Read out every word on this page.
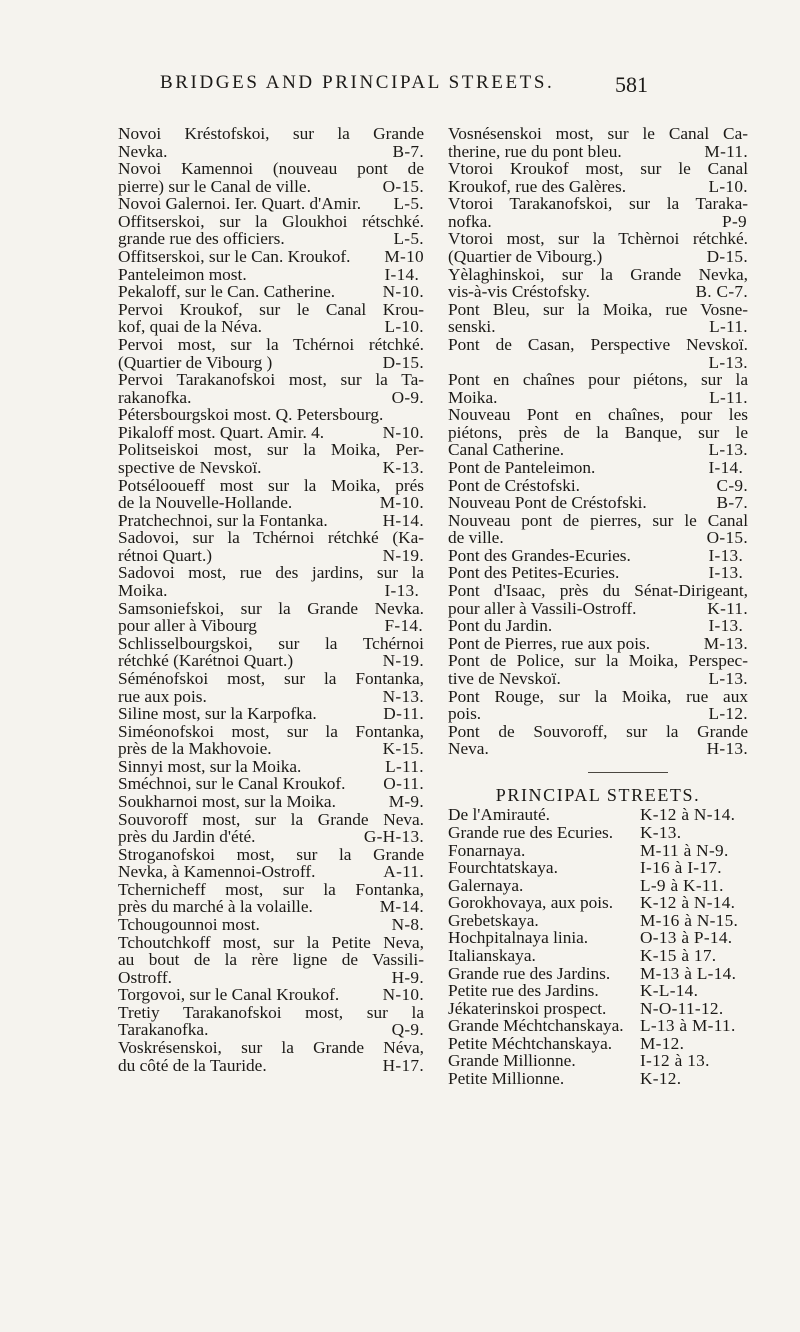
BRIDGES AND PRINCIPAL STREETS.	581
Novoi Kréstofskoi, sur la Grande
Nevka.	B-7.
Novoi Kamennoi (nouveau pont de
pierre) sur le Canal de ville.	O-15.
Novoi Galernoi. Ier. Quart. d'Amir.	L-5.
Offitserskoi, sur la Gloukhoi rétschké.
grande rue des officiers.	L-5.
Offitserskoi, sur le Can. Kroukof.	M-10
Panteleimon most.	I-14.
Pekaloff, sur le Can. Catherine.	N-10.
Pervoi Kroukof, sur le Canal Krou-
kof, quai de la Néva.	L-10.
Pervoi most, sur la Tchérnoi rétchké.
(Quartier de Vibourg )	D-15.
Pervoi Tarakanofskoi most, sur la Ta-
rakanofka.	O-9.
Pétersbourgskoi most. Q. Petersbourg.
Pikaloff most. Quart. Amir. 4.	N-10.
Politseiskoi most, sur la Moika, Per-
spective de Nevskoï.	K-13.
Potsélooueff most sur la Moika, prés
de la Nouvelle-Hollande.	M-10.
Pratchechnoi, sur la Fontanka.	H-14.
Sadovoi, sur la Tchérnoi rétchké (Ka-
rétnoi Quart.)	N-19.
Sadovoi most, rue des jardins, sur la
Moika.	I-13.
Samsoniefskoi, sur la Grande Nevka.
pour aller à Vibourg	F-14.
Schlisselbourgskoi, sur la Tchérnoi
rétchké (Karétnoi Quart.)	N-19.
Séménofskoi most, sur la Fontanka,
rue aux pois.	N-13.
Siline most, sur la Karpofka.	D-11.
Siméonofskoi most, sur la Fontanka,
près de la Makhovoie.	K-15.
Sinnyi most, sur la Moika.	L-11.
Sméchnoi, sur le Canal Kroukof.	O-11.
Soukharnoi most, sur la Moika.	M-9.
Souvoroff most, sur la Grande Neva.
près du Jardin d'été.	G-H-13.
Stroganofskoi most, sur la Grande
Nevka, à Kamennoi-Ostroff.	A-11.
Tchernicheff most, sur la Fontanka,
près du marché à la volaille.	M-14.
Tchougounnoi most.	N-8.
Tchoutchkoff most, sur la Petite Neva,
au bout de la rère ligne de Vassili-
Ostroff.	H-9.
Torgovoi, sur le Canal Kroukof.	N-10.
Tretiy Tarakanofskoi most, sur la
Tarakanofka.	Q-9.
Voskrésenskoi, sur la Grande Néva,
du côté de la Tauride.	H-17.
Vosnésenskoi most, sur le Canal Ca-
therine, rue du pont bleu.	M-11.
Vtoroi Kroukof most, sur le Canal
Kroukof, rue des Galères.	L-10.
Vtoroi Tarakanofskoi, sur la Taraka-
nofka.	P-9
Vtoroi most, sur la Tchèrnoi rétchké.
(Quartier de Vibourg.)	D-15.
Yèlaghinskoi, sur la Grande Nevka,
vis-à-vis Créstofsky.	B. C-7.
Pont Bleu, sur la Moika, rue Vosne-
senski.	L-11.
Pont de Casan, Perspective Nevskoï.
L-13.
Pont en chaînes pour piétons, sur la
Moika.	L-11.
Nouveau Pont en chaînes, pour les
piétons, près de la Banque, sur le
Canal Catherine.	L-13.
Pont de Panteleimon.	I-14.
Pont de Créstofski.	C-9.
Nouveau Pont de Créstofski.	B-7.
Nouveau pont de pierres, sur le Canal
de ville.	O-15.
Pont des Grandes-Ecuries.	I-13.
Pont des Petites-Ecuries.	I-13.
Pont d'Isaac, près du Sénat-Dirigeant,
pour aller à Vassili-Ostroff.	K-11.
Pont du Jardin.	I-13.
Pont de Pierres, rue aux pois.	M-13.
Pont de Police, sur la Moika, Perspec-
tive de Nevskoï.	L-13.
Pont Rouge, sur la Moika, rue aux
pois.	L-12.
Pont de Souvoroff, sur la Grande
Neva.	H-13.
PRINCIPAL STREETS.
De l'Amirauté.	K-12 à N-14.
Grande rue des Ecuries.	K-13.
Fonarnaya.	M-11 à N-9.
Fourchtatskaya.	I-16 à I-17.
Galernaya.	L-9 à K-11.
Gorokhovaya, aux pois.	K-12 à N-14.
Grebetskaya.	M-16 à N-15.
Hochpitalnaya linia.	O-13 à P-14.
Italianskaya.	K-15 à 17.
Grande rue des Jardins.	M-13 à L-14.
Petite rue des Jardins.	K-L-14.
Jékaterinskoi prospect.	N-O-11-12.
Grande Méchtchanskaya. L-13 à M-11.
Petite Méchtchanskaya.	M-12.
Grande Millionne.	I-12 à 13.
Petite Millionne.	K-12.
